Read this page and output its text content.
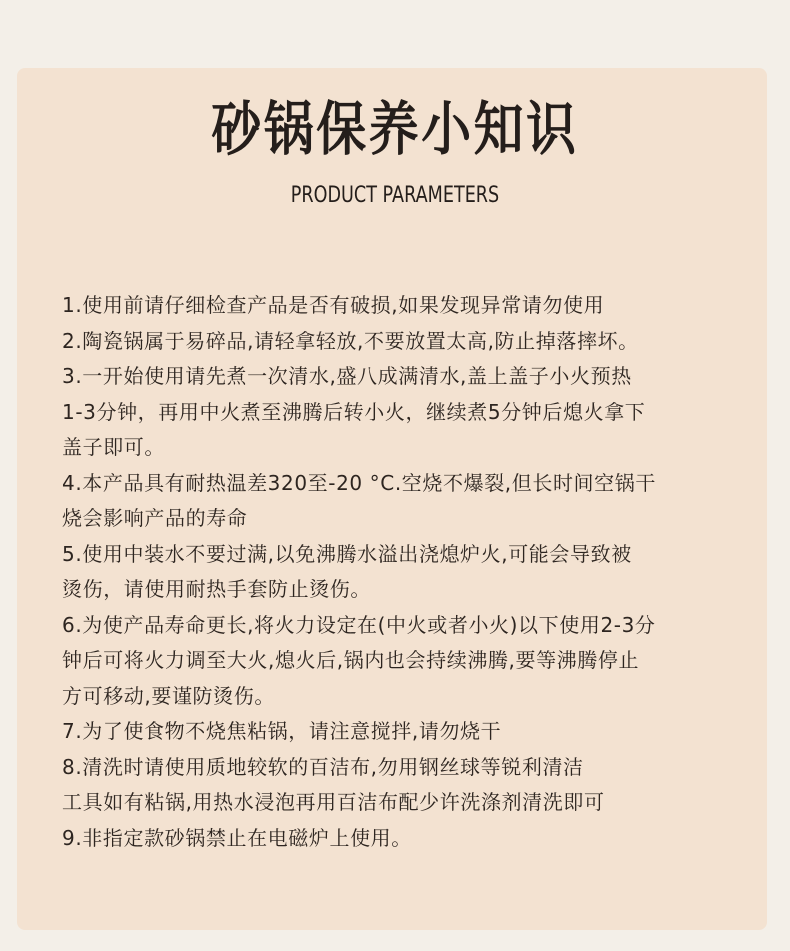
砂锅保养小知识
PRODUCT PARAMETERS
1.使用前请仔细检查产品是否有破损,如果发现异常请勿使用
2.陶瓷锅属于易碎品,请轻拿轻放,不要放置太高,防止掉落摔坏。
3.一开始使用请先煮一次清水,盛八成满清水,盖上盖子小火预热
1-3分钟，再用中火煮至沸腾后转小火，继续煮5分钟后熄火拿下
盖子即可。
4.本产品具有耐热温差320至-20 °C.空烧不爆裂,但长时间空锅干
烧会影响产品的寿命
5.使用中装水不要过满,以免沸腾水溢出浇熄炉火,可能会导致被
烫伤，请使用耐热手套防止烫伤。
6.为使产品寿命更长,将火力设定在(中火或者小火)以下使用2-3分
钟后可将火力调至大火,熄火后,锅内也会持续沸腾,要等沸腾停止
方可移动,要谨防烫伤。
7.为了使食物不烧焦粘锅，请注意搅拌,请勿烧干
8.清洗时请使用质地较软的百洁布,勿用钢丝球等锐利清洁
工具如有粘锅,用热水浸泡再用百洁布配少许洗涤剂清洗即可
9.非指定款砂锅禁止在电磁炉上使用。
